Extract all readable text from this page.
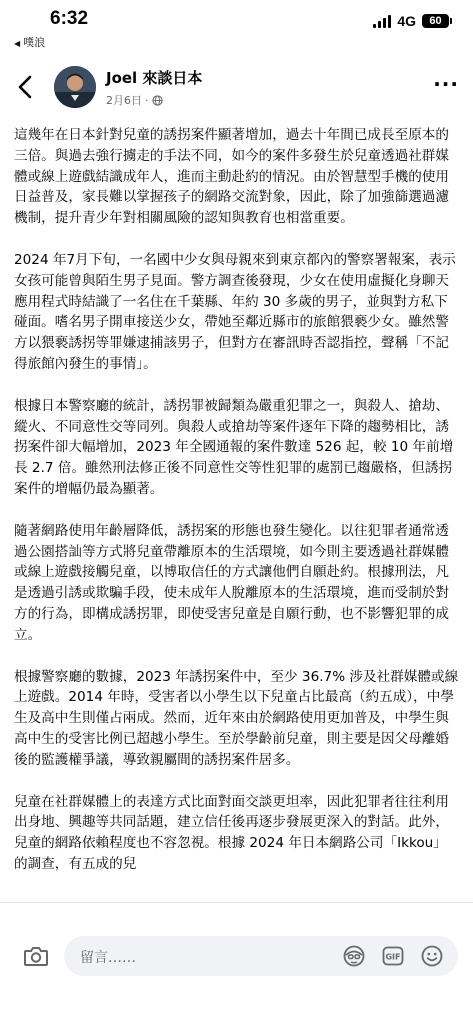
6:32
◀ 噗浪
4G	60
Joel 來談日本
2月6日 ·
···

這幾年在日本針對兒童的誘拐案件顯著增加，過去十年間已成長至原本的三倍。與過去強行擄走的手法不同，如今的案件多發生於兒童透過社群媒體或線上遊戲結識成年人，進而主動赴約的情況。由於智慧型手機的使用日益普及，家長難以掌握孩子的網路交流對象，因此，除了加強篩選過濾機制，提升青少年對相關風險的認知與教育也相當重要。

2024 年7月下旬，一名國中少女與母親來到東京都內的警察署報案，表示女孩可能曾與陌生男子見面。警方調查後發現，少女在使用虛擬化身聊天應用程式時結識了一名住在千葉縣、年約 30 多歲的男子，並與對方私下碰面。嗜名男子開車接送少女，帶她至鄰近縣市的旅館猥褻少女。雖然警方以猥褻誘拐等罪嫌逮捕該男子，但對方在審訊時否認指控，聲稱「不記得旅館內發生的事情」。

根據日本警察廳的統計，誘拐罪被歸類為嚴重犯罪之一，與殺人、搶劫、縱火、不同意性交等同列。與殺人或搶劫等案件逐年下降的趨勢相比，誘拐案件卻大幅增加，2023 年全國通報的案件數達 526 起，較 10 年前增長 2.7 倍。雖然刑法修正後不同意性交等性犯罪的處罰已趨嚴格，但誘拐案件的增幅仍最為顯著。

隨著網路使用年齡層降低，誘拐案的形態也發生變化。以往犯罪者通常透過公園搭訕等方式將兒童帶離原本的生活環境，如今則主要透過社群媒體或線上遊戲接觸兒童，以博取信任的方式讓他們自願赴約。根據刑法，凡是透過引誘或欺騙手段，使未成年人脫離原本的生活環境，進而受制於對方的行為，即構成誘拐罪，即使受害兒童是自願行動，也不影響犯罪的成立。

根據警察廳的數據，2023 年誘拐案件中，至少 36.7% 涉及社群媒體或線上遊戲。2014 年時，受害者以小學生以下兒童占比最高（約五成），中學生及高中生則僅占兩成。然而，近年來由於網路使用更加普及，中學生與高中生的受害比例已超越小學生。至於學齡前兒童，則主要是因父母離婚後的監護權爭議，導致親屬間的誘拐案件居多。

兒童在社群媒體上的表達方式比面對面交談更坦率，因此犯罪者往往利用出身地、興趣等共同話題，建立信任後再逐步發展更深入的對話。此外，兒童的網路依賴程度也不容忽視。根據 2024 年日本網路公司「Ikkou」的調查，有五成的兒

留言……	GIF
